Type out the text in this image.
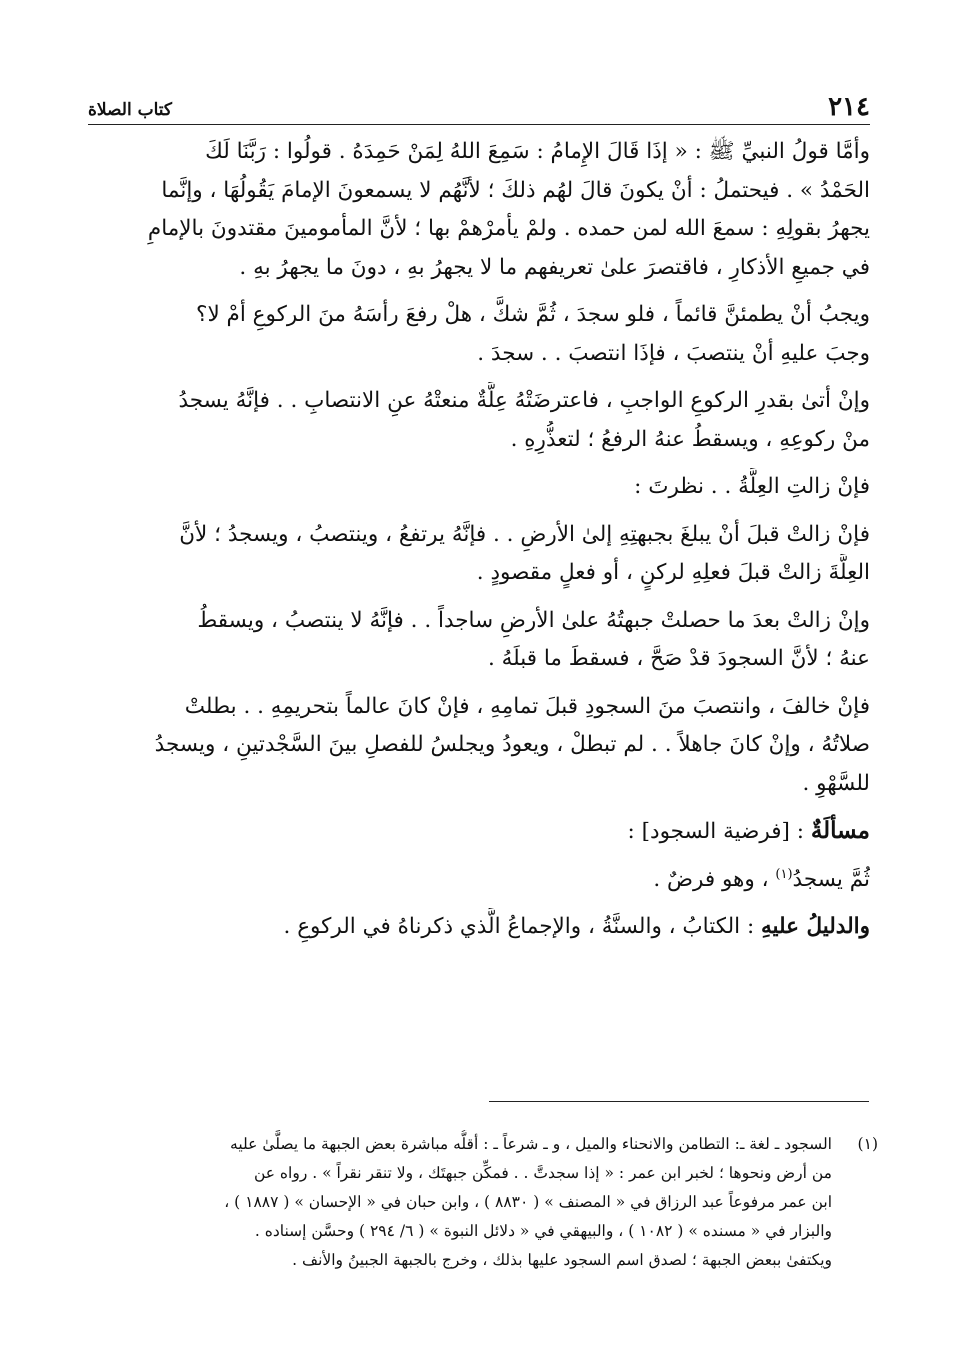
٢١٤
كتاب الصلاة
وأمَّا قولُ النبيِّ ﷺ : « إذَا قَالَ الإِمامُ : سَمِعَ اللهُ لِمَنْ حَمِدَهُ . قولُوا : رَبَّنَا لَكَ
الحَمْدُ » . فيحتملُ : أنْ يكونَ قالَ لهُم ذلكَ ؛ لأنَّهُم لا يسمعونَ الإمامَ يَقُولُهَا ، وإنَّما
يجهرُ بقولِهِ : سمعَ الله لمن حمده . ولمْ يأمرْهمْ بها ؛ لأنَّ المأمومينَ مقتدونَ بالإمامِ
في جميعِ الأذكارِ ، فاقتصرَ علىٰ تعريفهم ما لا يجهرُ بهِ ، دونَ ما يجهرُ بهِ .
ويجبُ أنْ يطمئنَّ قائماً ، فلو سجدَ ، ثُمَّ شكَّ ، هلْ رفعَ رأسَهُ منَ الركوعِ أمْ لا؟
وجبَ عليهِ أنْ ينتصبَ ، فإذَا انتصبَ . . سجدَ .
وإنْ أتىٰ بقدرِ الركوعِ الواجبِ ، فاعترضَتْهُ عِلَّةٌ منعتْهُ عنِ الانتصابِ . . فإنَّهُ يسجدُ
منْ ركوعِهِ ، ويسقطُ عنهُ الرفعُ ؛ لتعذُّرِهِ .
فإنْ زالتِ العِلَّةُ . . نظرتَ :
فإنْ زالتْ قبلَ أنْ يبلغَ بجبهتِهِ إلىٰ الأرضِ . . فإنَّهُ يرتفعُ ، وينتصبُ ، ويسجدُ ؛ لأنَّ
العِلَّةَ زالتْ قبلَ فعلِهِ لركنٍ ، أو فعلٍ مقصودٍ .
وإنْ زالتْ بعدَ ما حصلتْ جبهتُهُ علىٰ الأرضِ ساجداً . . فإنَّهُ لا ينتصبُ ، ويسقطُ
عنهُ ؛ لأنَّ السجودَ قدْ صَحَّ ، فسقطَ ما قبلَهُ .
فإنْ خالفَ ، وانتصبَ منَ السجودِ قبلَ تمامِهِ ، فإنْ كانَ عالماً بتحريمِهِ . . بطلتْ
صلاتُهُ ، وإنْ كانَ جاهلاً . . لم تبطلْ ، ويعودُ ويجلسُ للفصلِ بينَ السَّجْدتينِ ، ويسجدُ
للسَّهْوِ .
مسألَةٌ : [فرضية السجود] :
ثُمَّ يسجدُ$^{(١)}$ ، وهو فرضٌ .
والدليلُ عليهِ : الكتابُ ، والسنَّةُ ، والإجماعُ الَّذي ذكرناهُ في الركوعِ .
(١)
السجود ـ لغة ـ: التطامن والانحناء والميل ، و ـ شرعاً ـ : أقلُّه مباشرة بعض الجبهة ما يصلَّىٰ عليه
من أرض ونحوها ؛ لخبر ابن عمر : « إذا سجدتَّ . . فمكِّن جبهتَك ، ولا تنقر نقراً » . رواه عن
ابن عمر مرفوعاً عبد الرزاق في « المصنف » ( ٨٨٣٠ ) ، وابن حبان في « الإحسان » ( ١٨٨٧ ) ،
والبزار في « مسنده » ( ١٠٨٢ ) ، والبيهقي في « دلائل النبوة » ( ٦/ ٢٩٤ ) وحسَّن إسناده .
ويكتفىٰ ببعض الجبهة ؛ لصدق اسم السجود عليها بذلك ، وخرج بالجبهة الجبينُ والأنف .
